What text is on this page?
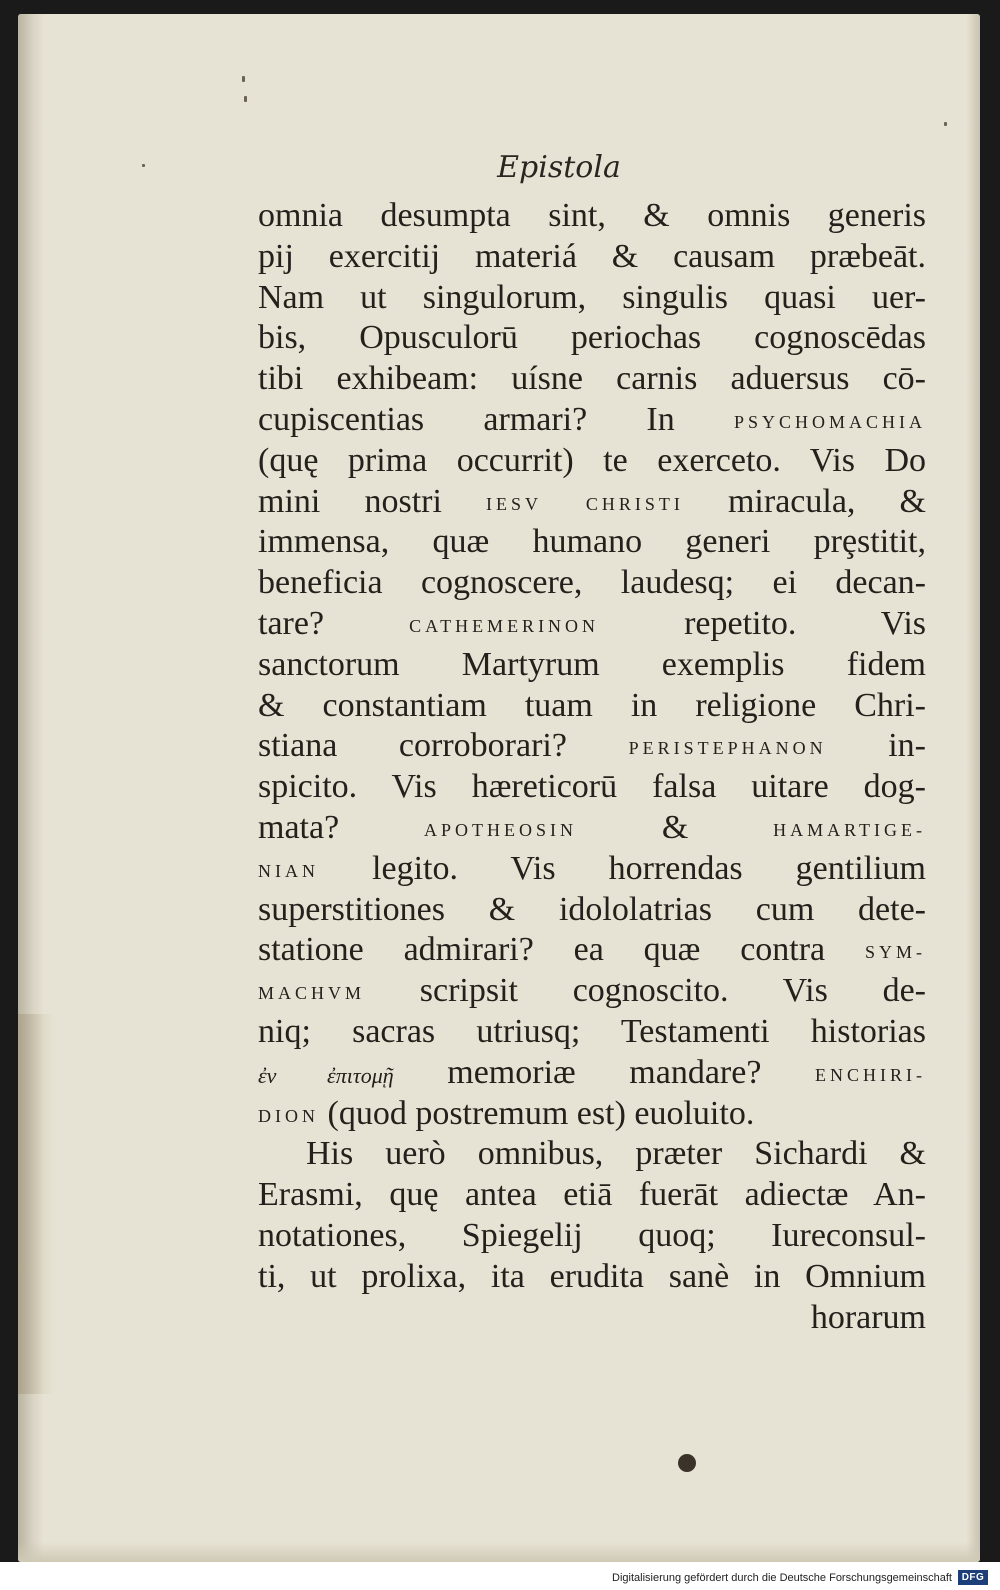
Epistola
omnia desumpta sint, & omnis generis
pij exercitij materiá & causam præbeāt.
Nam ut singulorum, singulis quasi uer-
bis, Opusculorū periochas cognoscēdas
tibi exhibeam: uísne carnis aduersus cō-
cupiscentias armari? In PSYCHOMACHIA
(quę prima occurrit) te exerceto. Vis Do
mini nostri IESV CHRISTI miracula, &
immensa, quæ humano generi prȩstitit,
beneficia cognoscere, laudesq; ei decan-
tare? CATHEMERINON repetito. Vis
sanctorum Martyrum exemplis fidem
& constantiam tuam in religione Chri-
stiana corroborari? PERISTEPHANON in-
spicito. Vis hæreticorū falsa uitare dog-
mata? APOTHEOSIN & HAMARTIGE-
NIAN legito. Vis horrendas gentilium
superstitiones & idololatrias cum dete-
statione admirari? ea quæ contra SYM-
MACHVM scripsit cognoscito. Vis de-
niq; sacras utriusq; Testamenti historias
ἐν ἐπιτομῇ memoriæ mandare? ENCHIRI-
DION (quod postremum est) euoluito.
His uerò omnibus, præter Sichardi &
Erasmi, quę antea etiā fuerāt adiectæ An-
notationes, Spiegelij quoq; Iureconsul-
ti, ut prolixa, ita erudita sanè in Omnium
horarum
Digitalisierung gefördert durch die Deutsche Forschungsgemeinschaft DFG
